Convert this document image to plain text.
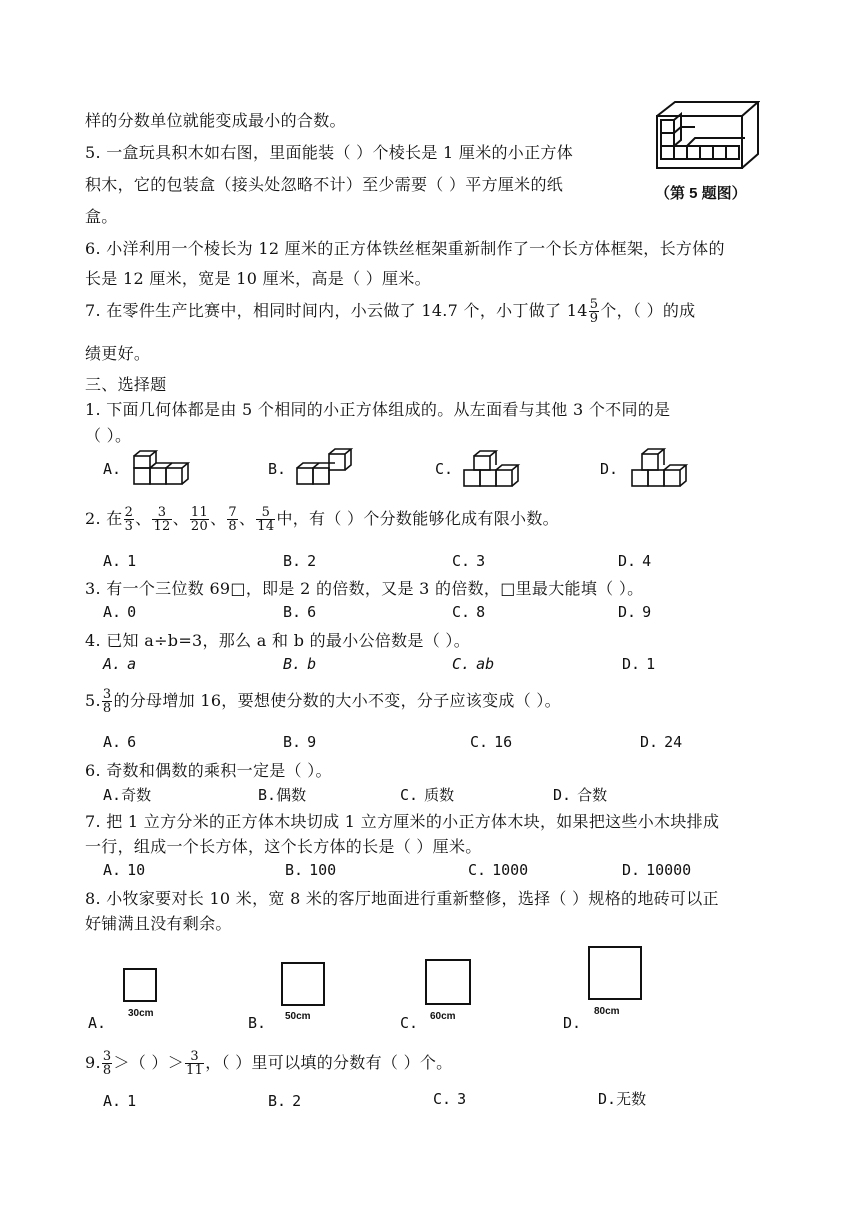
样的分数单位就能变成最小的合数。
5. 一盒玩具积木如右图，里面能装（ ）个棱长是 1 厘米的小正方体
积木，它的包装盒（接头处忽略不计）至少需要（ ）平方厘米的纸
盒。
（第 5 题图）
6. 小洋利用一个棱长为 12 厘米的正方体铁丝框架重新制作了一个长方体框架，长方体的
长是 12 厘米，宽是 10 厘米，高是（ ）厘米。
7. 在零件生产比赛中，相同时间内，小云做了 14.7 个，小丁做了 $14 \frac{5}{9}$ 个，（ ）的成
绩更好。
三、选择题
1. 下面几何体都是由 5 个相同的小正方体组成的。从左面看与其他 3 个不同的是
（ ）。
A.	B.	C.	D.
2. 在 $\frac{2}{3}$ 、 $\frac{3}{12}$ 、 $\frac{11}{20}$ 、 $\frac{7}{8}$ 、 $\frac{5}{14}$ 中，有（ ）个分数能够化成有限小数。
A. 1	B. 2	C. 3	D. 4
3. 有一个三位数 69□，即是 2 的倍数，又是 3 的倍数，□里最大能填（ ）。
A. 0	B. 6	C. 8	D. 9
4. 已知 a÷b=3，那么 a 和 b 的最小公倍数是（ ）。
A. a	B. b	C. ab	D. 1
5. $\frac{3}{8}$ 的分母增加 16，要想使分数的大小不变，分子应该变成（ ）。
A. 6	B. 9	C. 16	D. 24
6. 奇数和偶数的乘积一定是（ ）。
A.奇数	B.偶数	C. 质数	D. 合数
7. 把 1 立方分米的正方体木块切成 1 立方厘米的小正方体木块，如果把这些小木块排成
一行，组成一个长方体，这个长方体的长是（ ）厘米。
A. 10	B. 100	C. 1000	D. 10000
8. 小牧家要对长 10 米，宽 8 米的客厅地面进行重新整修，选择（ ）规格的地砖可以正
好铺满且没有剩余。
A.
30cm
B. 50cm	C. 60cm	D.
80cm
9. $\frac{3}{8}$ ＞（ ）＞ $\frac{3}{11}$ ，（ ）里可以填的分数有（ ）个。
A. 1	B. 2	C. 3	D.无数
